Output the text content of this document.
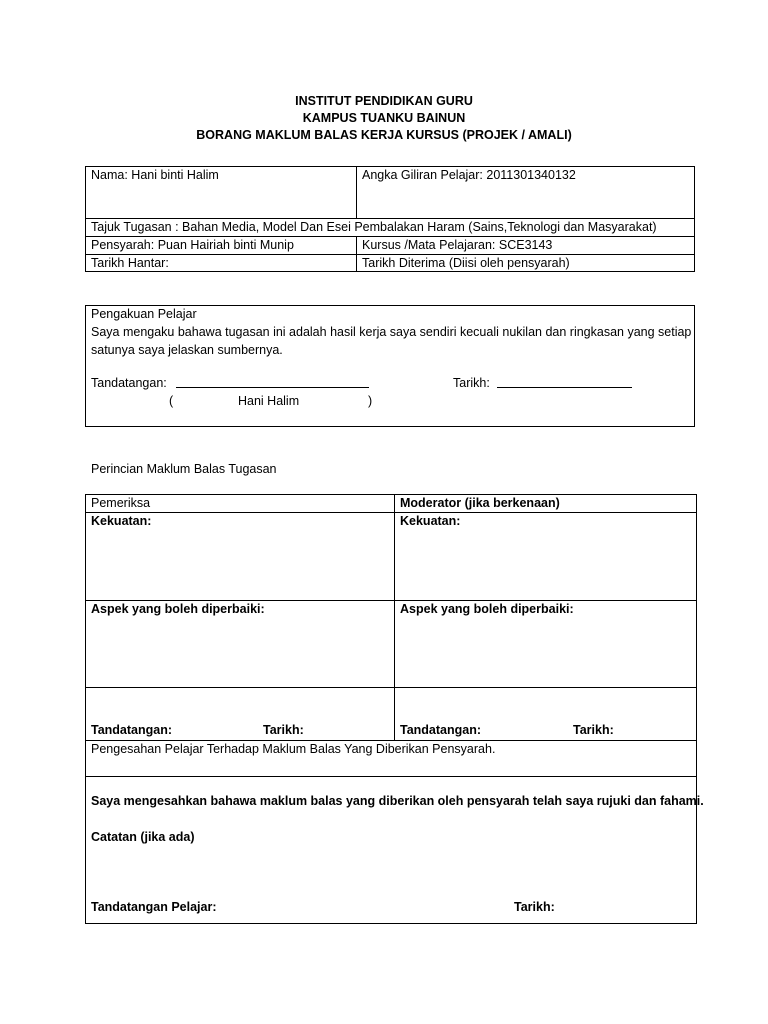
INSTITUT PENDIDIKAN GURU
KAMPUS TUANKU BAINUN
BORANG MAKLUM BALAS KERJA KURSUS (PROJEK / AMALI)
Nama: Hani binti Halim	Angka Giliran Pelajar: 2011301340132
Tajuk Tugasan : Bahan Media, Model Dan Esei Pembalakan Haram (Sains,Teknologi dan Masyarakat)
Pensyarah: Puan Hairiah binti Munip	Kursus /Mata Pelajaran: SCE3143
Tarikh Hantar:	Tarikh Diterima (Diisi oleh pensyarah)
Pengakuan Pelajar
Saya mengaku bahawa tugasan ini adalah hasil kerja saya sendiri kecuali nukilan dan ringkasan yang setiap
satunya saya jelaskan sumbernya.
Tandatangan:	Tarikh:
(	Hani Halim	)
Perincian Maklum Balas Tugasan
Pemeriksa	Moderator (jika berkenaan)
Kekuatan:	Kekuatan:
Aspek yang boleh diperbaiki:	Aspek yang boleh diperbaiki:
Tandatangan:	Tarikh:	Tandatangan:	Tarikh:
Pengesahan Pelajar Terhadap Maklum Balas Yang Diberikan Pensyarah.
Saya mengesahkan bahawa maklum balas yang diberikan oleh pensyarah telah saya rujuki dan fahami.
Catatan (jika ada)
Tandatangan Pelajar:	Tarikh:
